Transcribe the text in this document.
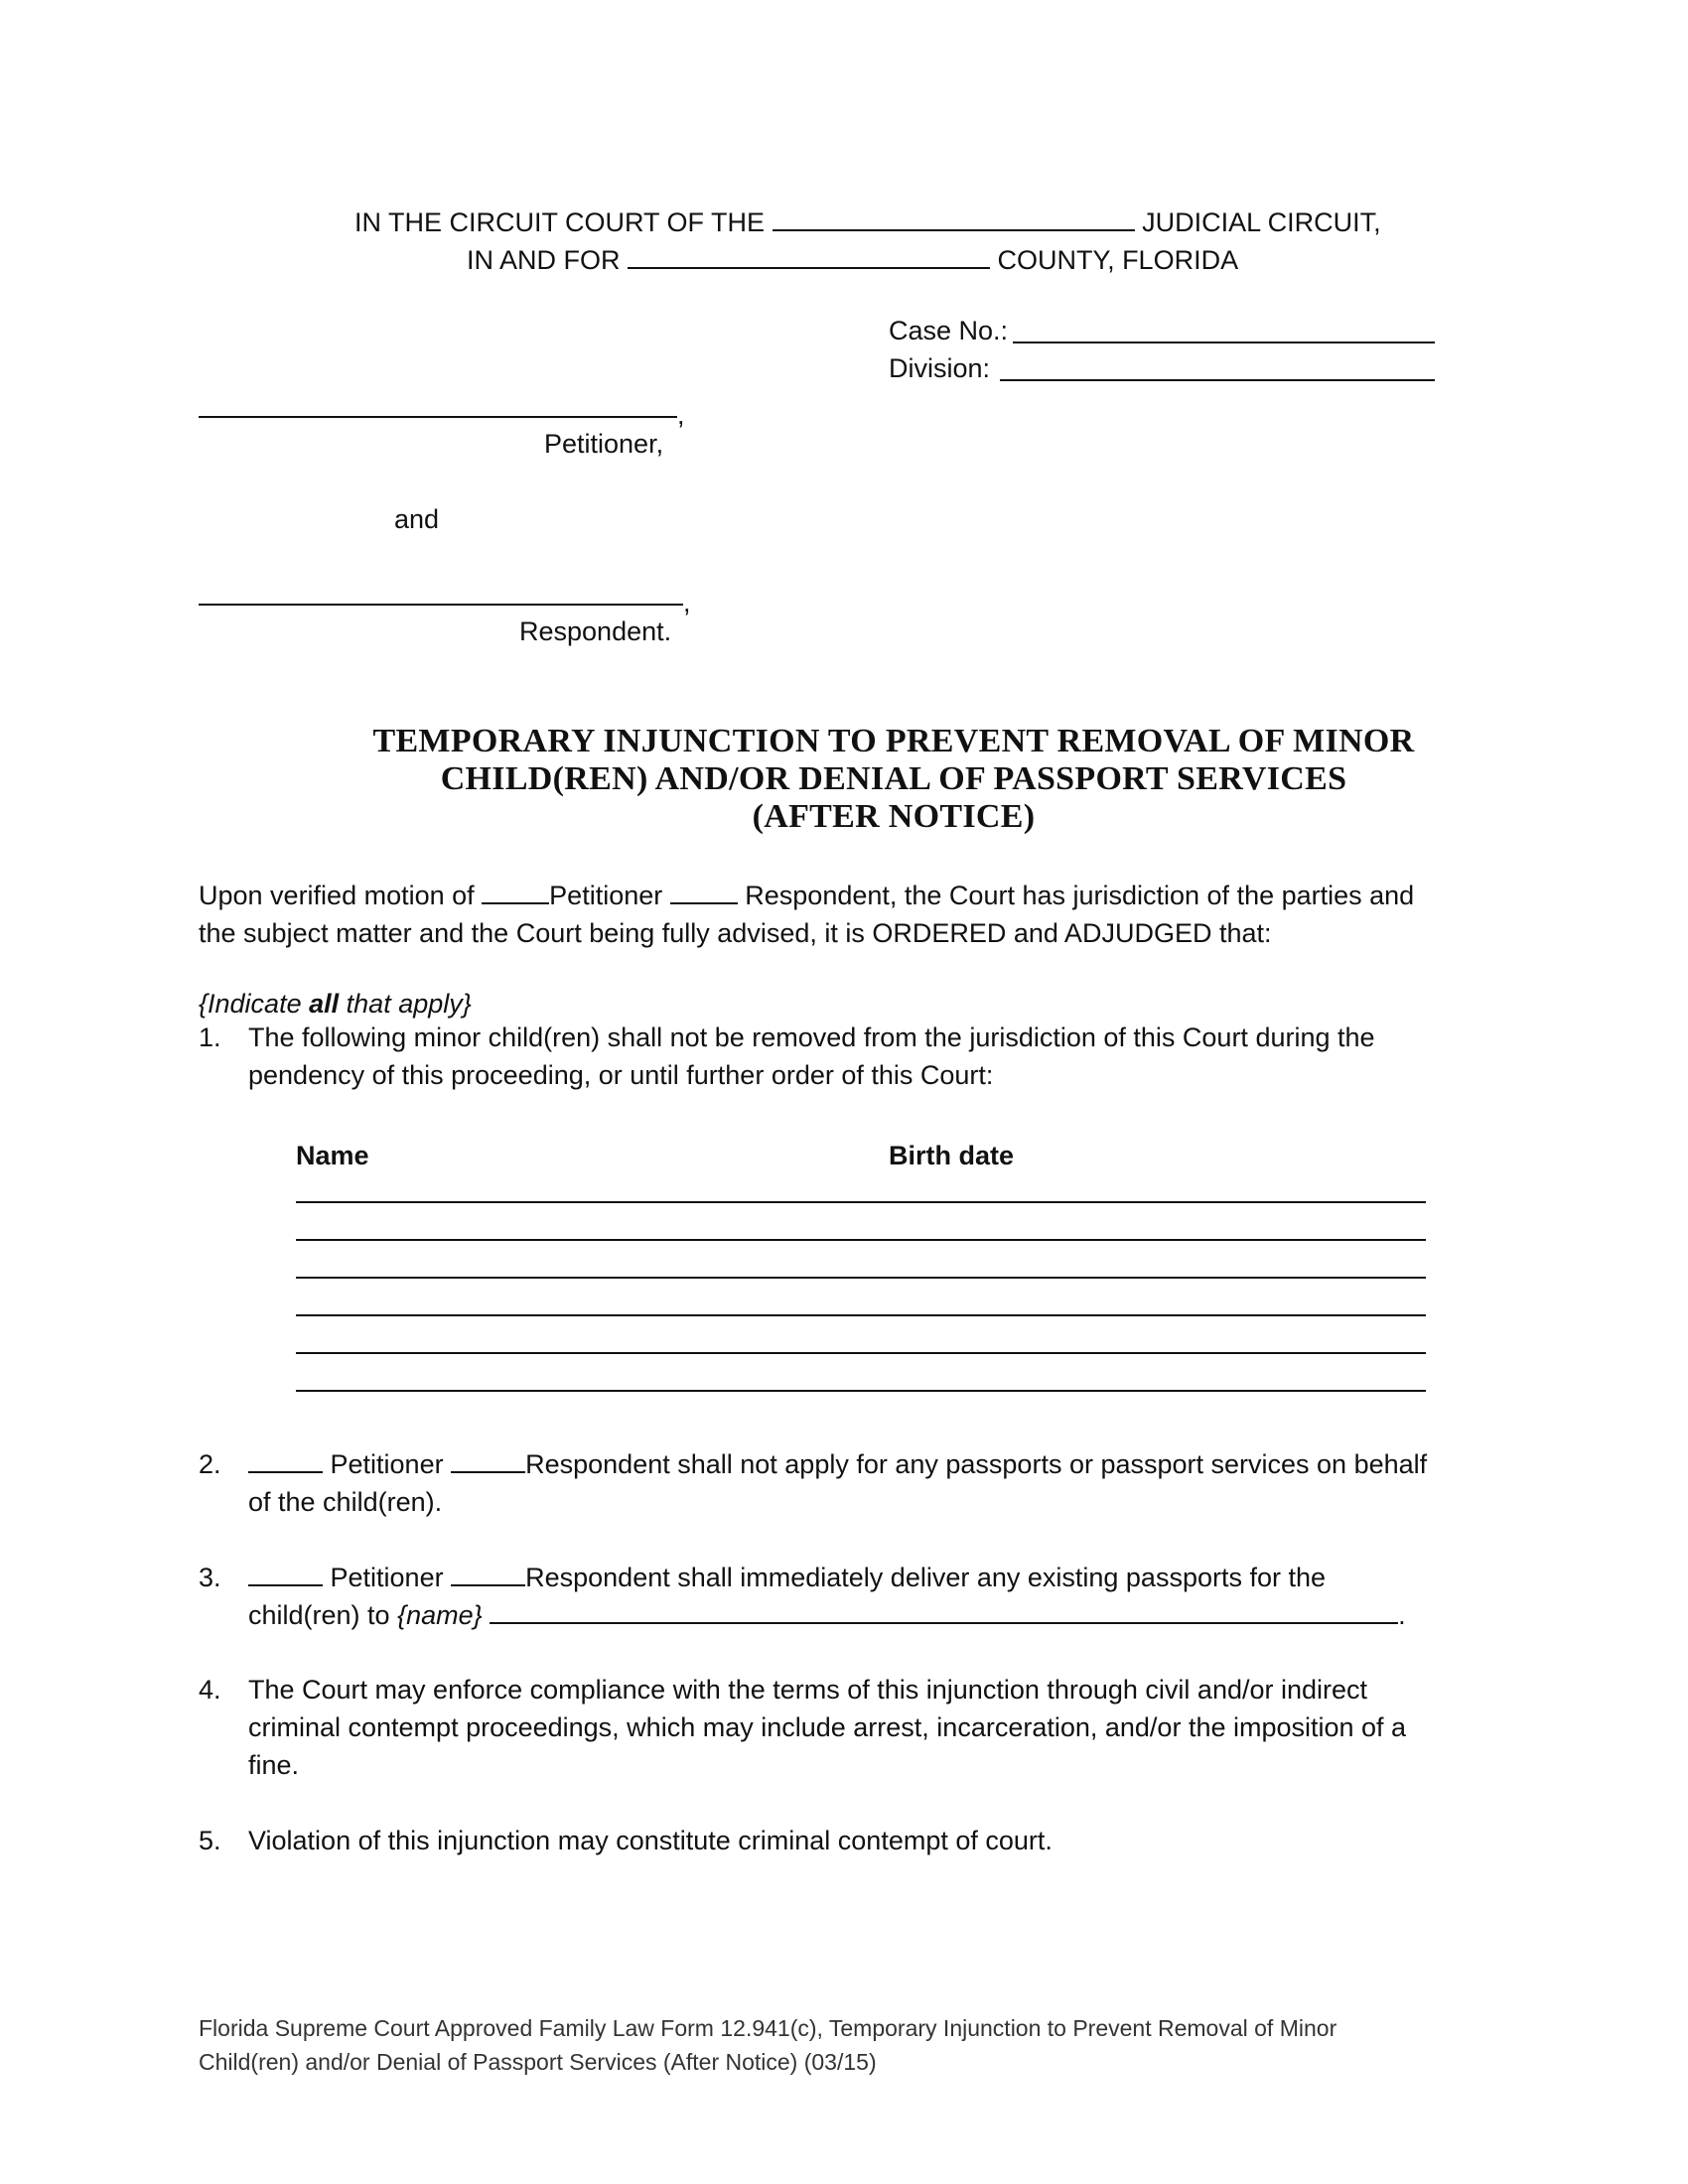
IN THE CIRCUIT COURT OF THE	JUDICIAL CIRCUIT,
IN AND FOR	COUNTY, FLORIDA
Case No.:
Division:
,
Petitioner,
and
,
Respondent.
TEMPORARY INJUNCTION TO PREVENT REMOVAL OF MINOR
CHILD(REN) AND/OR DENIAL OF PASSPORT SERVICES
(AFTER NOTICE)
Upon verified motion of	Petitioner	Respondent, the Court has jurisdiction of the parties and
the subject matter and the Court being fully advised, it is ORDERED and ADJUDGED that:
{Indicate all that apply}
1. The following minor child(ren) shall not be removed from the jurisdiction of this Court during the
pendency of this proceeding, or until further order of this Court:
Name	Birth date
2.	Petitioner	Respondent shall not apply for any passports or passport services on behalf
of the child(ren).
3.	Petitioner	Respondent shall immediately deliver any existing passports for the
child(ren) to {name}	.
4. The Court may enforce compliance with the terms of this injunction through civil and/or indirect
criminal contempt proceedings, which may include arrest, incarceration, and/or the imposition of a
fine.
5. Violation of this injunction may constitute criminal contempt of court.
Florida Supreme Court Approved Family Law Form 12.941(c), Temporary Injunction to Prevent Removal of Minor
Child(ren) and/or Denial of Passport Services (After Notice) (03/15)
